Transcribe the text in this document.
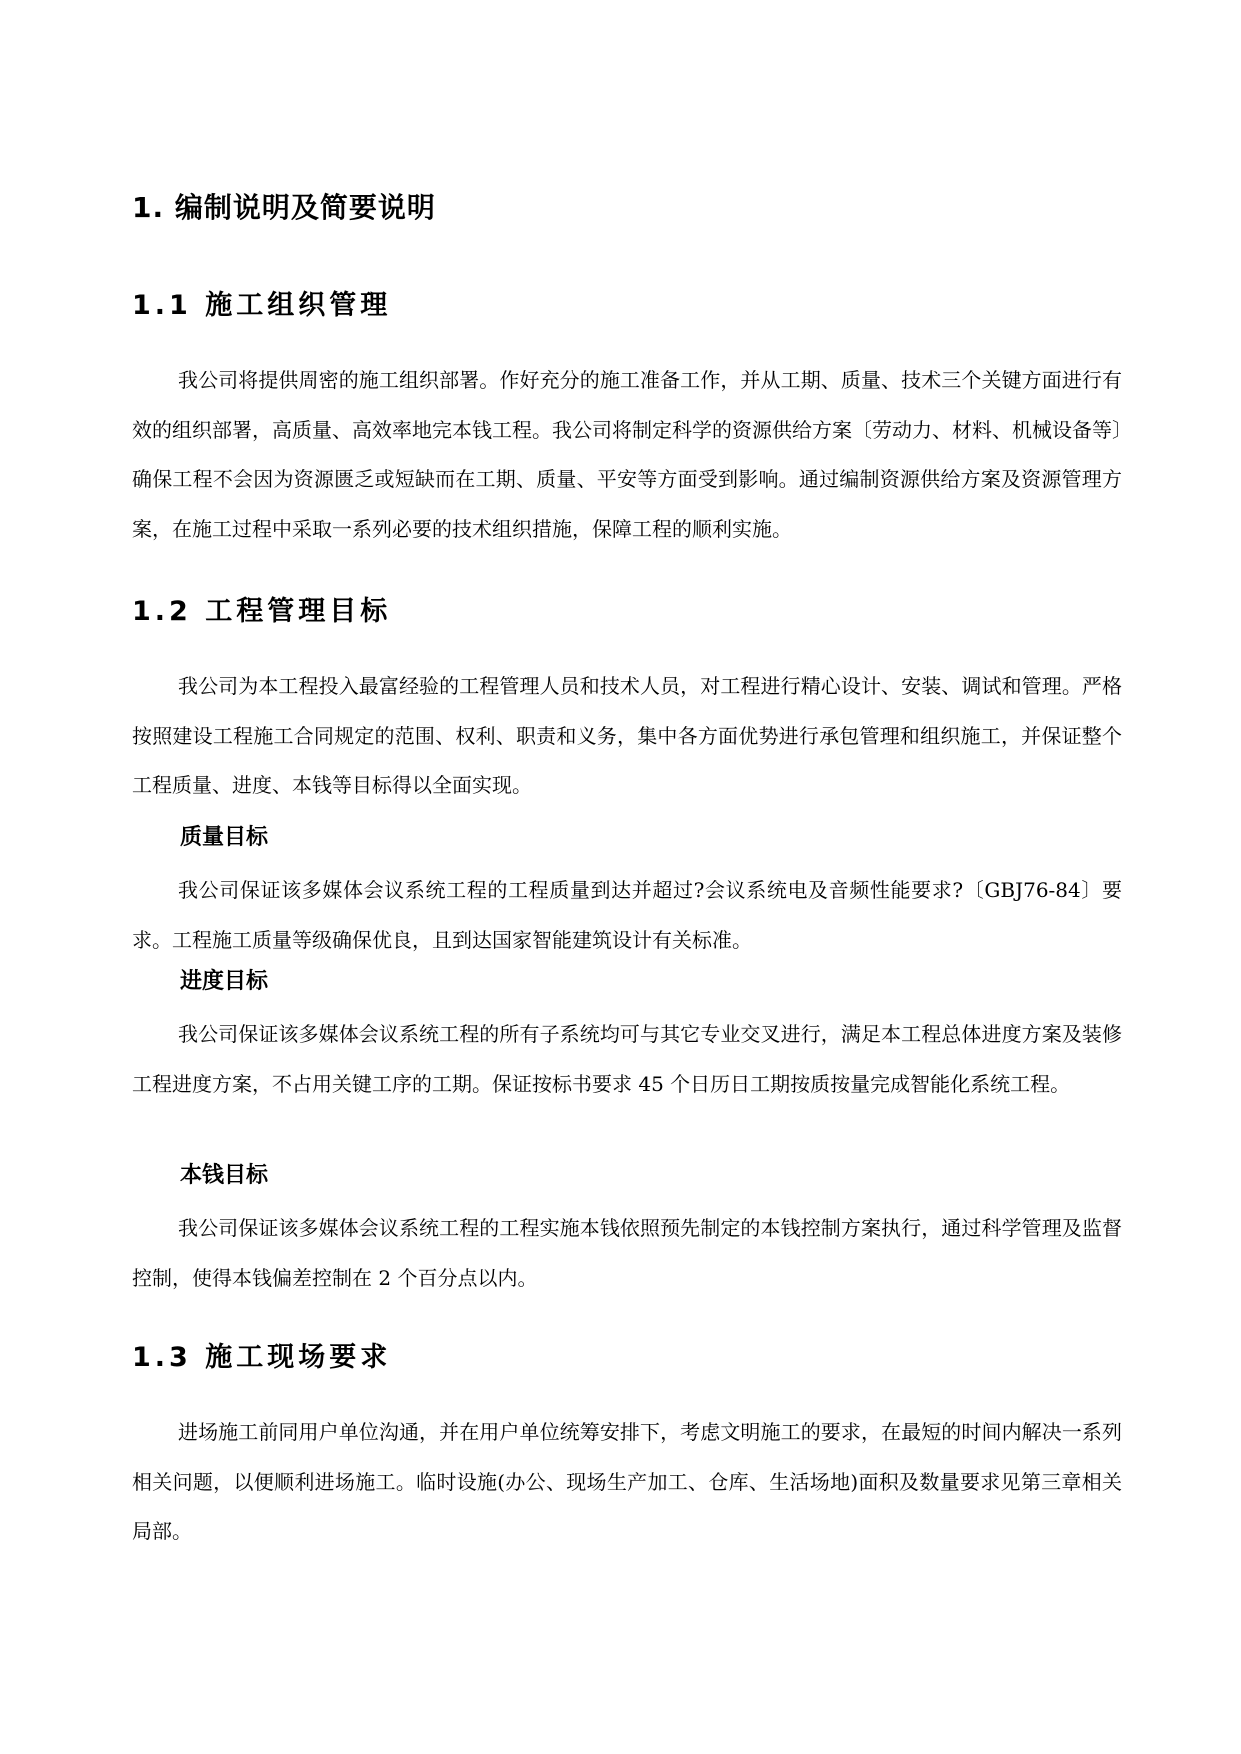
1. 编制说明及简要说明
1.1 施工组织管理

我公司将提供周密的施工组织部署。作好充分的施工准备工作，并从工期、质量、技术三个关键方面进行有效的组织部署，高质量、高效率地完本钱工程。我公司将制定科学的资源供给方案〔劳动力、材料、机械设备等〕确保工程不会因为资源匮乏或短缺而在工期、质量、平安等方面受到影响。通过编制资源供给方案及资源管理方案，在施工过程中采取一系列必要的技术组织措施，保障工程的顺利实施。

1.2 工程管理目标

我公司为本工程投入最富经验的工程管理人员和技术人员，对工程进行精心设计、安装、调试和管理。严格按照建设工程施工合同规定的范围、权利、职责和义务，集中各方面优势进行承包管理和组织施工，并保证整个工程质量、进度、本钱等目标得以全面实现。

质量目标

我公司保证该多媒体会议系统工程的工程质量到达并超过?会议系统电及音频性能要求?〔GBJ76-84〕要求。工程施工质量等级确保优良，且到达国家智能建筑设计有关标准。

进度目标

我公司保证该多媒体会议系统工程的所有子系统均可与其它专业交叉进行，满足本工程总体进度方案及装修工程进度方案，不占用关键工序的工期。保证按标书要求 45 个日历日工期按质按量完成智能化系统工程。

本钱目标

我公司保证该多媒体会议系统工程的工程实施本钱依照预先制定的本钱控制方案执行，通过科学管理及监督控制，使得本钱偏差控制在 2 个百分点以内。

1.3 施工现场要求

进场施工前同用户单位沟通，并在用户单位统筹安排下，考虑文明施工的要求，在最短的时间内解决一系列相关问题，以便顺利进场施工。临时设施(办公、现场生产加工、仓库、生活场地)面积及数量要求见第三章相关局部。
